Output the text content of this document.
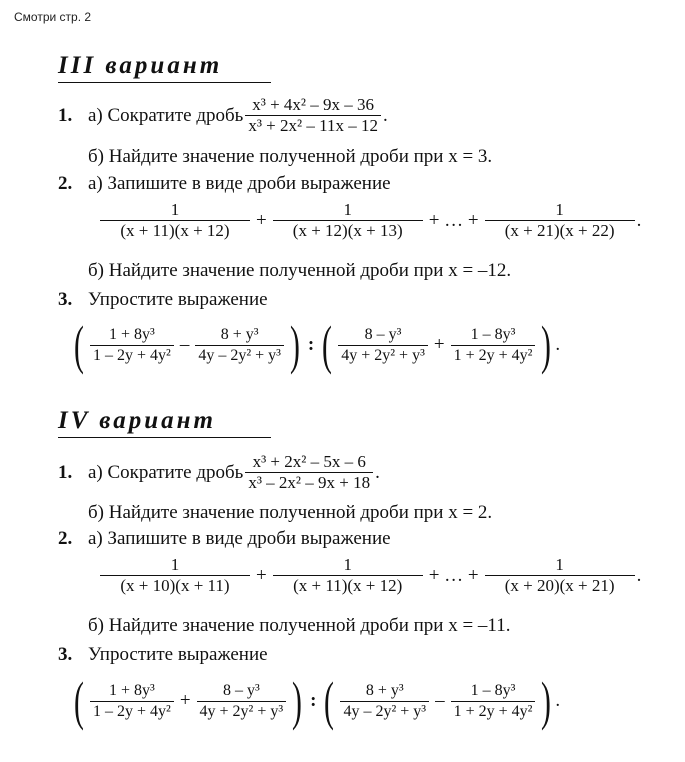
Смотри стр. 2
III вариант
1. а) Сократите дробь $\frac{\text{x³ + 4x² – 9x – 36}}{\text{x³ + 2x² – 11x – 12}}$ .
б) Найдите значение полученной дроби при x = 3.
2. а) Запишите в виде дроби выражение
$\frac{1}{(x + 11)(x + 12)} + \frac{1}{(x + 12)(x + 13)}$ + … + $\frac{1}{(x + 21)(x + 22)}$ .
б) Найдите значение полученной дроби при x = –12.
3. Упростите выражение
( $\frac{\text{1 + 8y³}}{\text{1 – 2y + 4y²}} - \frac{\text{8 + y³}}{\text{4y – 2y² + y³}}$ ) : ( $\frac{\text{8 – y³}}{\text{4y + 2y² + y³}} + \frac{\text{1 – 8y³}}{\text{1 + 2y + 4y²}}$ ) .
IV вариант
1. а) Сократите дробь $\frac{\text{x³ + 2x² – 5x – 6}}{\text{x³ – 2x² – 9x + 18}}$ .
б) Найдите значение полученной дроби при x = 2.
2. а) Запишите в виде дроби выражение
$\frac{1}{(x + 10)(x + 11)} + \frac{1}{(x + 11)(x + 12)}$ + … + $\frac{1}{(x + 20)(x + 21)}$ .
б) Найдите значение полученной дроби при x = –11.
3. Упростите выражение
( $\frac{\text{1 + 8y³}}{\text{1 – 2y + 4y²}} + \frac{\text{8 – y³}}{\text{4y + 2y² + y³}}$ ) : ( $\frac{\text{8 + y³}}{\text{4y – 2y² + y³}} - \frac{\text{1 – 8y³}}{\text{1 + 2y + 4y²}}$ ) .
